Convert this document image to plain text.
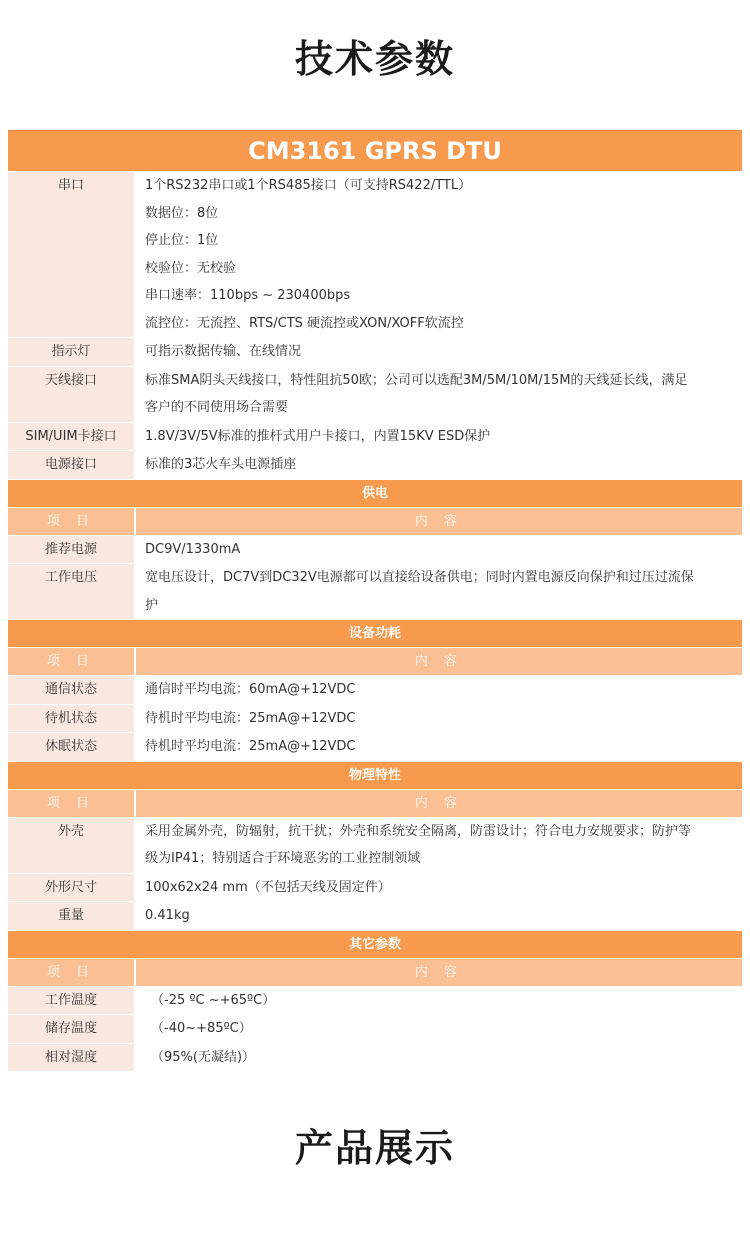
技术参数
CM3161 GPRS DTU
串口	1个RS232串口或1个RS485接口（可支持RS422/TTL）
数据位：8位
停止位：1位
校验位：无校验
串口速率：110bps ~ 230400bps
流控位：无流控、RTS/CTS 硬流控或XON/XOFF软流控
指示灯	可指示数据传输、在线情况
天线接口	标准SMA阴头天线接口，特性阻抗50欧；公司可以选配3M/5M/10M/15M的天线延长线，满足
客户的不同使用场合需要
SIM/UIM卡接口	1.8V/3V/5V标准的推杆式用户卡接口，内置15KV ESD保护
电源接口	标准的3芯火车头电源插座
供电
项 目	内 容
推荐电源	DC9V/1330mA
工作电压	宽电压设计，DC7V到DC32V电源都可以直接给设备供电；同时内置电源反向保护和过压过流保
护
设备功耗
项 目	内 容
通信状态	通信时平均电流：60mA@+12VDC
待机状态	待机时平均电流：25mA@+12VDC
休眠状态	待机时平均电流：25mA@+12VDC
物理特性
项 目	内 容
外壳	采用金属外壳，防辐射，抗干扰；外壳和系统安全隔离，防雷设计；符合电力安规要求；防护等
级为IP41；特别适合于环境恶劣的工业控制领域
外形尺寸	100x62x24 mm（不包括天线及固定件）
重量	0.41kg
其它参数
项 目	内 容
工作温度	（-25 ºC ~+65ºC）
储存温度	（-40~+85ºC）
相对湿度	（95%(无凝结)）
产品展示
